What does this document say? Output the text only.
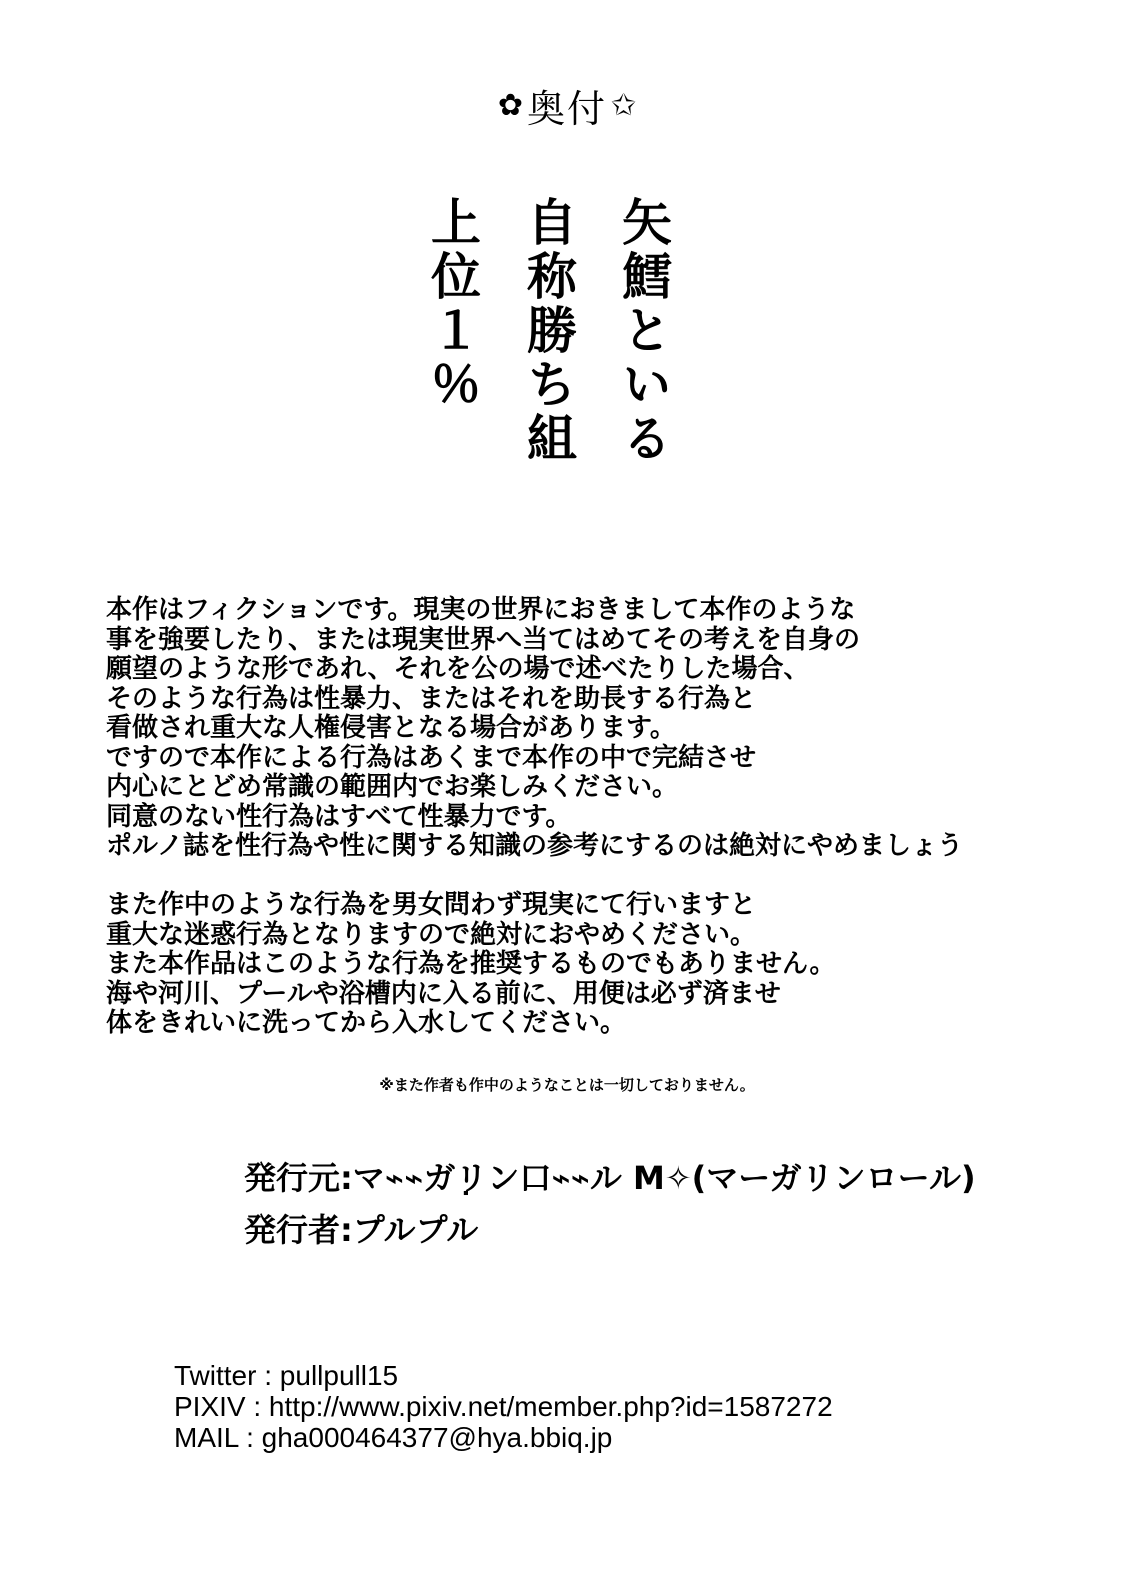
✿ 奥付 ✩
矢鱈といる
自称勝ち組
上位１％
本作はフィクションです。現実の世界におきまして本作のような
事を強要したり、または現実世界へ当てはめてその考えを自身の
願望のような形であれ、それを公の場で述べたりした場合、
そのような行為は性暴力、またはそれを助長する行為と
看做され重大な人権侵害となる場合があります。
ですので本作による行為はあくまで本作の中で完結させ
内心にとどめ常識の範囲内でお楽しみください。
同意のない性行為はすべて性暴力です。
ポルノ誌を性行為や性に関する知識の参考にするのは絶対にやめましょう
また作中のような行為を男女問わず現実にて行いますと
重大な迷惑行為となりますので絶対におやめください。
また本作品はこのような行為を推奨するものでもありません。
海や河川、プールや浴槽内に入る前に、用便は必ず済ませ
体をきれいに洗ってから入水してください。
※また作者も作中のようなことは一切しておりません。
発行元:マ⌁⌁ガ݂リン口⌁⌁ル M✧(マーガリンロール)
発行者:プルプル
Twitter : pullpull15
PIXIV : http://www.pixiv.net/member.php?id=1587272
MAIL : gha000464377@hya.bbiq.jp
